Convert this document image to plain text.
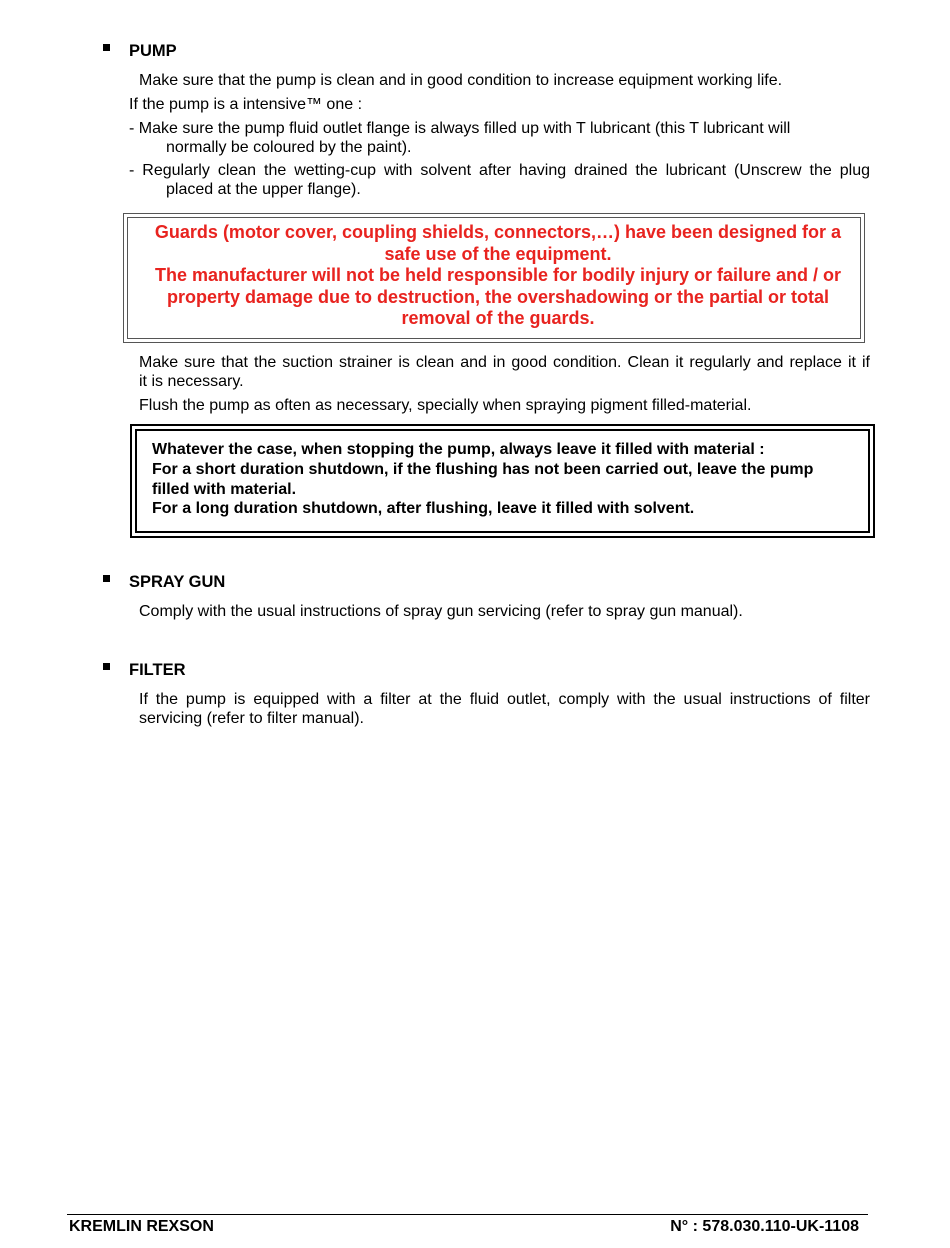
PUMP
Make sure that the pump is clean and in good condition to increase equipment working life.
If the pump is a intensive™ one :
- Make sure the pump fluid outlet flange is always filled up with T lubricant (this T lubricant will
normally be coloured by the paint).
- Regularly clean the wetting-cup with solvent after having drained the lubricant (Unscrew the plug
placed at the upper flange).
Guards (motor cover, coupling shields, connectors,…) have been designed for a
safe use of the equipment.
The manufacturer will not be held responsible for bodily injury or failure and / or
property damage due to destruction, the overshadowing or the partial or total
removal of the guards.
Make sure that the suction strainer is clean and in good condition. Clean it regularly and replace it if
it is necessary.
Flush the pump as often as necessary, specially when spraying pigment filled-material.
Whatever the case, when stopping the pump, always leave it filled with material :
For a short duration shutdown, if the flushing has not been carried out, leave the pump
filled with material.
For a long duration shutdown, after flushing, leave it filled with solvent.
SPRAY GUN
Comply with the usual instructions of spray gun servicing (refer to spray gun manual).
FILTER
If the pump is equipped with a filter at the fluid outlet, comply with the usual instructions of filter
servicing (refer to filter manual).
KREMLIN REXSON	N° : 578.030.110-UK-1108
